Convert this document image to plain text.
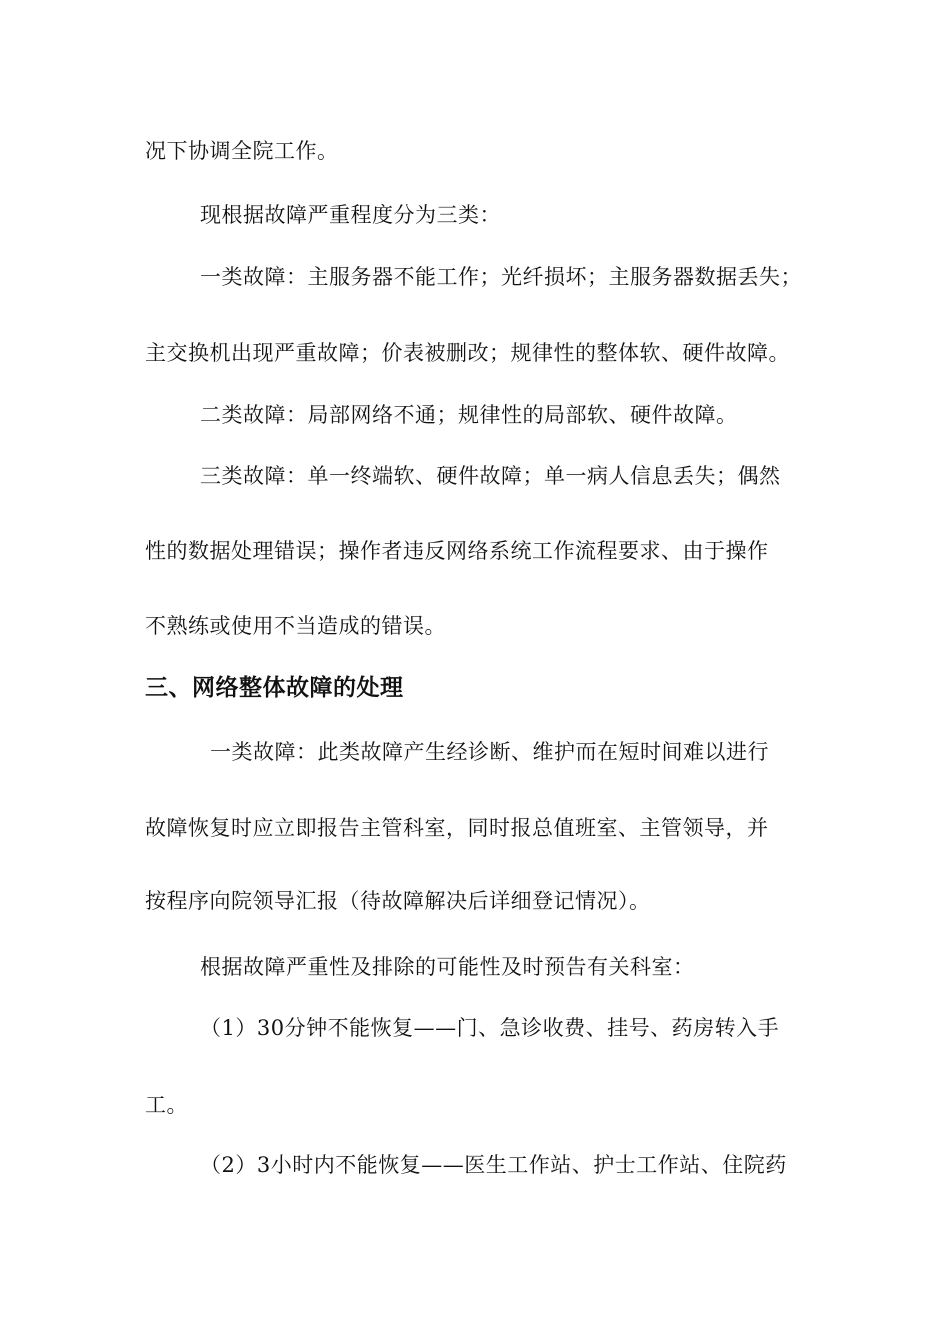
况下协调全院工作。
现根据故障严重程度分为三类：
一类故障：主服务器不能工作；光纤损坏；主服务器数据丢失；
主交换机出现严重故障；价表被删改；规律性的整体软、硬件故障。
二类故障：局部网络不通；规律性的局部软、硬件故障。
三类故障：单一终端软、硬件故障；单一病人信息丢失；偶然
性的数据处理错误；操作者违反网络系统工作流程要求、由于操作
不熟练或使用不当造成的错误。
三、网络整体故障的处理
一类故障：此类故障产生经诊断、维护而在短时间难以进行
故障恢复时应立即报告主管科室，同时报总值班室、主管领导，并
按程序向院领导汇报（待故障解决后详细登记情况）。
根据故障严重性及排除的可能性及时预告有关科室：
（1）30分钟不能恢复——门、急诊收费、挂号、药房转入手
工。
（2）3小时内不能恢复——医生工作站、护士工作站、住院药
